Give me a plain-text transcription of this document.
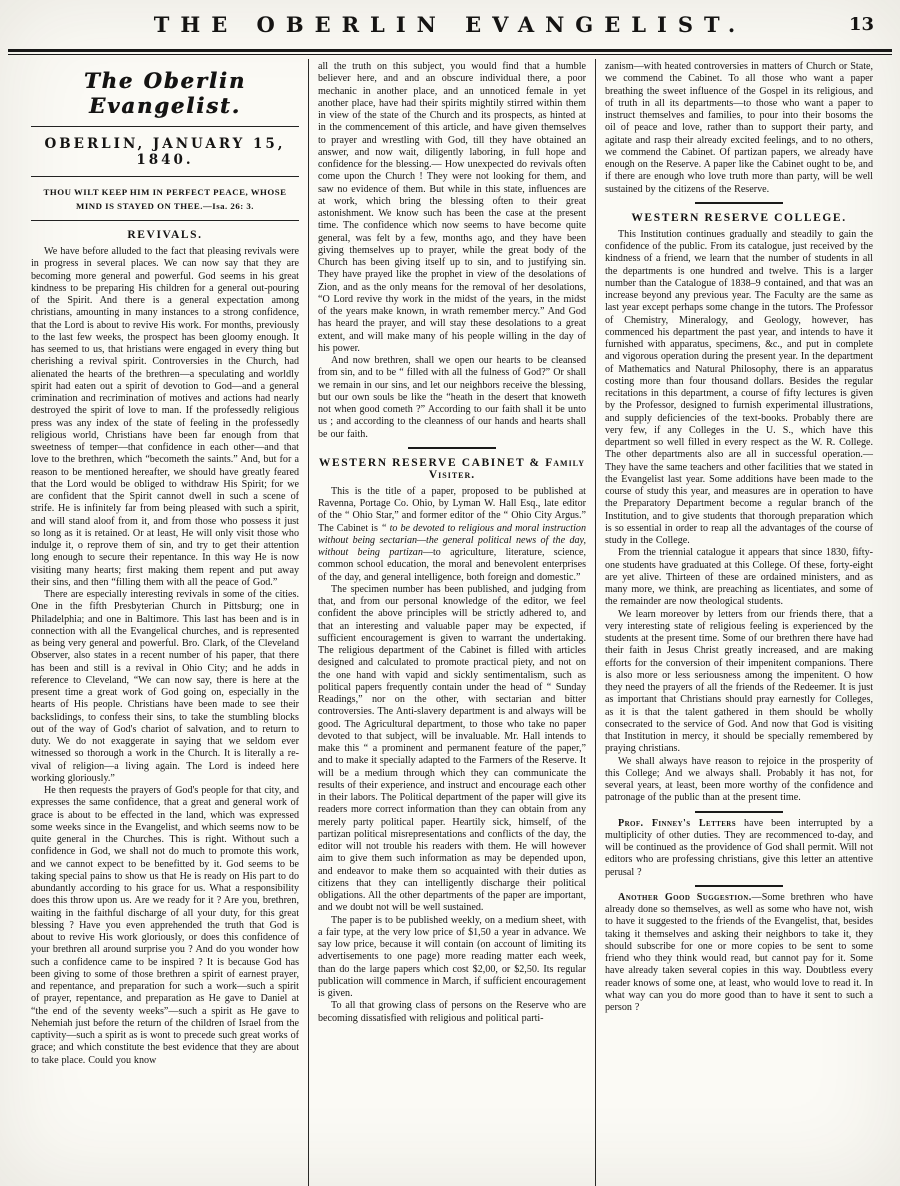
THE OBERLIN EVANGELIST.	13
The Oberlin Evangelist.
OBERLIN, JANUARY 15, 1840.
THOU WILT KEEP HIM IN PERFECT PEACE, WHOSE MIND IS STAYED ON THEE.—Isa. 26: 3.
REVIVALS.

We have before alluded to the fact that pleasing revivals were in progress in several places. We can now say that they are becoming more general and powerful. God seems in his great kindness to be preparing His children for a general out-pouring of the Spirit. And there is a general expectation among christians, amounting in many instances to a strong confidence, that the Lord is about to revive His work. For months, previously to the last few weeks, the prospect has been gloomy enough. It has seemed to us, that hristians were engaged in every thing but cherishing a revival spirit. Controversies in the Church, had alienated the hearts of the brethren—a speculating and worldly spirit had eaten out a spirit of devotion to God—and a general crimination and recrimination of motives and actions had nearly destroyed the spirit of love to man. If the professedly religious press was any index of the state of feeling in the professedly religious world, Christians have been far enough from that sweetness of temper—that confidence in each other—and that love to the brethren, which “becometh the saints.” And, but for a reason to be mentioned hereafter, we should have greatly feared that the Lord would be obliged to withdraw His Spirit; for we are confident that the Spirit cannot dwell in such a scene of strife. He is infinitely far from being pleased with such a spirit, and will stand aloof from it, and from those who possess it just so long as it is retained. Or at least, He will only visit those who indulge it, o reprove them of sin, and try to get their attention long enough to secure their repentance. In this way He is now visiting many hearts; first making them repent and put away their sins, and then “filling them with all the peace of God.”

There are especially interesting revivals in some of the cities. One in the fifth Presbyterian Church in Pittsburg; one in Philadelphia; and one in Baltimore. This last has been and is in connection with all the Evangelical churches, and is represented as being very general and powerful. Bro. Clark, of the Cleveland Observer, also states in a recent number of his paper, that there has been and still is a revival in Ohio City; and he adds in reference to Cleveland, “We can now say, there is here at the present time a great work of God going on, especially in the hearts of His people. Christians have been made to see their backslidings, to confess their sins, to take the stumbling blocks out of the way of God's chariot of salvation, and to return to duty. We do not exaggerate in saying that we seldom ever witnessed so thorough a work in the Church. It is literally a re-vival of religion—a living again. The Lord is indeed here working gloriously.”

He then requests the prayers of God's people for that city, and expresses the same confidence, that a great and general work of grace is about to be effected in the land, which was expressed some weeks since in the Evangelist, and which seems now to be quite general in the Churches. This is right. Without such a confidence in God, we shall not do much to promote this work, and we cannot expect to be benefitted by it. God seems to be taking special pains to show us that He is ready on His part to do abundantly according to his grace for us. What a responsibility does this throw upon us. Are we ready for it ? Are you, brethren, waiting in the faithful discharge of all your duty, for this great blessing ? Have you even apprehended the truth that God is about to revive His work gloriously, or does this confidence of your brethren all around surprise you ? And do you wonder how such a confidence came to be inspired ? It is because God has been giving to some of those brethren a spirit of earnest prayer, and repentance, and preparation for such a work—such a spirit of prayer, repentance, and preparation as He gave to Daniel at “the end of the seventy weeks”—such a spirit as He gave to Nehemiah just before the return of the children of Israel from the captivity—such a spirit as is wont to precede such great works of grace; and which constitute the best evidence that they are about to take place. Could you know

all the truth on this subject, you would find that a humble believer here, and and an obscure individual there, a poor mechanic in another place, and an unnoticed female in yet another place, have had their spirits mightily stirred within them in view of the state of the Church and its prospects, as hinted at in the commencement of this article, and have given themselves to prayer and wrestling with God, till they have obtained an answer, and now wait, diligently laboring, in full hope and confidence for the blessing.— How unexpected do revivals often come upon the Church ! They were not looking for them, and saw no evidence of them. But while in this state, influences are at work, which bring the blessing often to their great astonishment. We know such has been the case at the present time. The confidence which now seems to have become quite general, was felt by a few, months ago, and they have been giving themselves up to prayer, while the great body of the Church has been giving itself up to sin, and to justifying sin. They have prayed like the prophet in view of the desolations of Zion, and as the only means for the removal of her desolations, “O Lord revive thy work in the midst of the years, in the midst of the years make known, in wrath remember mercy.” And God has heard the prayer, and will stay these desolations to a great extent, and will make many of his people willing in the day of his power.

And now brethren, shall we open our hearts to be cleansed from sin, and to be “ filled with all the fulness of God?” Or shall we remain in our sins, and let our neighbors receive the blessing, but our own souls be like the “heath in the desert that knoweth not when good cometh ?” According to our faith shall it be unto us ; and according to the cleanness of our hands and hearts shall be our faith.

WESTERN RESERVE CABINET & Family Visiter.

This is the title of a paper, proposed to be published at Ravenna, Portage Co. Ohio, by Lyman W. Hall Esq., late editor of the “ Ohio Star,” and former editor of the “ Ohio City Argus.” The Cabinet is “ to be devoted to religious and moral instruction without being sectarian—the general political news of the day, without being partizan—to agriculture, literature, science, common school education, the moral and benevolent enterprises of the day, and general intelligence, both foreign and domestic.”

The specimen number has been published, and judging from that, and from our personal knowledge of the editor, we feel confident the above principles will be strictly adhered to, and that an interesting and valuable paper may be expected, if sufficient encouragement is given to warrant the undertaking. The religious department of the Cabinet is filled with articles designed and calculated to promote practical piety, and not on the one hand with vapid and sickly sentimentalism, such as political papers frequently contain under the head of “ Sunday Readings,” nor on the other, with sectarian and bitter controversies. The Anti-slavery department is and always will be good. The Agricultural department, to those who take no paper devoted to that subject, will be invaluable. Mr. Hall intends to make this “ a prominent and permanent feature of the paper,” and to make it specially adapted to the Farmers of the Reserve. It will be a medium through which they can communicate the results of their experience, and instruct and encourage each other in their labors. The Political department of the paper will give its readers more correct information than they can obtain from any merely party political paper. Heartily sick, himself, of the partizan political misrepresentations and conflicts of the day, the editor will not trouble his readers with them. He will however aim to give them such information as may be depended upon, and endeavor to make them so acquainted with their duties as citizens that they can intelligently discharge their political obligations. All the other departments of the paper are important, and we doubt not will be well sustained.

The paper is to be published weekly, on a medium sheet, with a fair type, at the very low price of $1,50 a year in advance. We say low price, because it will contain (on account of limiting its advertisements to one page) more reading matter each week, than do the large papers which cost $2,00, or $2,50. Its regular publication will commence in March, if sufficient encouragement is given.

To all that growing class of persons on the Reserve who are becoming dissatisfied with religious and political parti-

zanism—with heated controversies in matters of Church or State, we commend the Cabinet. To all those who want a paper breathing the sweet influence of the Gospel in its religious, and of truth in all its departments—to those who want a paper to instruct themselves and families, to pour into their bosoms the oil of peace and love, rather than to support their party, and agitate and rasp their already excited feelings, and to no others, we commend the Cabinet. Of partizan papers, we already have enough on the Reserve. A paper like the Cabinet ought to be, and if there are enough who love truth more than party, will be well sustained by the citizens of the Reserve.

WESTERN RESERVE COLLEGE.

This Institution continues gradually and steadily to gain the confidence of the public. From its catalogue, just received by the kindness of a friend, we learn that the number of students in all the departments is one hundred and twelve. This is a larger number than the Catalogue of 1838–9 contained, and that was an increase beyond any previous year. The Faculty are the same as last year except perhaps some change in the tutors. The Professor of Chemistry, Mineralogy, and Geology, however, has commenced his department the past year, and intends to have it furnished with apparatus, specimens, &c., and put in complete and vigorous operation during the present year. In the department of Mathematics and Natural Philosophy, there is an apparatus costing more than four thousand dollars. Besides the regular recitations in this department, a course of fifty lectures is given by the Professor, designed to furnish experimental illustrations, and supply deficiencies of the text-books. Probably there are very few, if any Colleges in the U. S., which have this department so well filled in every respect as the W. R. College. The other departments also are all in successful operation.— They have the same teachers and other facilities that we stated in the Evangelist last year. Some additions have been made to the course of study this year, and measures are in operation to have the Preparatory Department become a regular branch of the Institution, and to give students that thorough preparation which is so essential in order to reap all the advantages of the course of study in the College.

From the triennial catalogue it appears that since 1830, fifty-one students have graduated at this College. Of these, forty-eight are yet alive. Thirteen of these are ordained ministers, and as many more, we think, are preaching as licentiates, and some of the remainder are now theological students.

We learn moreover by letters from our friends there, that a very interesting state of religious feeling is experienced by the students at the present time. Some of our brethren there have had their faith in Jesus Christ greatly increased, and are making efforts for the conversion of their impenitent companions. There is also more or less seriousness among the impenitent. O how they need the prayers of all the friends of the Redeemer. It is just as important that Christians should pray earnestly for Colleges, as it is that the talent gathered in them should be wholly consecrated to the service of God. And now that God is visiting that Institution in mercy, it should be specially remembered by praying christians.

We shall always have reason to rejoice in the prosperity of this College; And we always shall. Probably it has not, for several years, at least, been more worthy of the confidence and patronage of the public than at the present time.

Prof. Finney's Letters have been interrupted by a multiplicity of other duties. They are recommenced to-day, and will be continued as the providence of God shall permit. Will not editors who are professing christians, give this letter an attentive perusal ?

Another Good Suggestion.—Some brethren who have already done so themselves, as well as some who have not, wish to have it suggested to the friends of the Evangelist, that, besides taking it themselves and asking their neighbors to take it, they should subscribe for one or more copies to be sent to some friend who they think would read, but cannot pay for it. Some have already taken several copies in this way. Doubtless every reader knows of some one, at least, who would love to read it. In what way can you do more good than to have it sent to such a person ?
